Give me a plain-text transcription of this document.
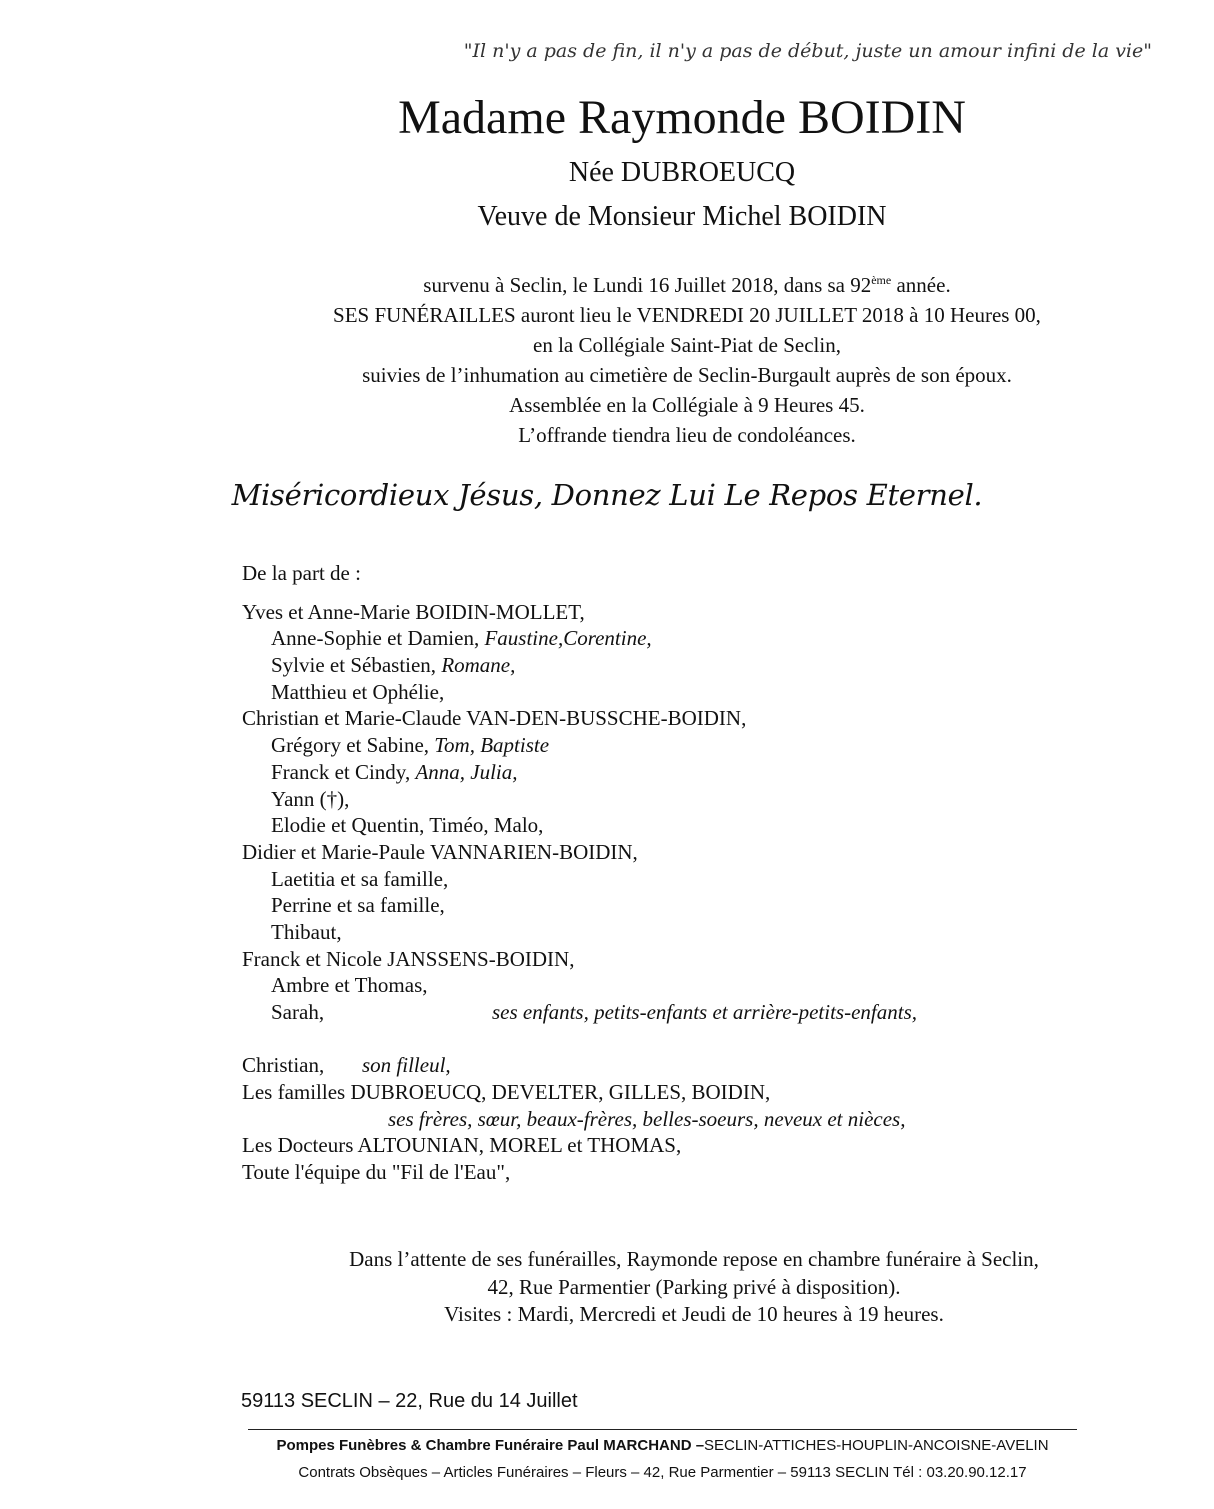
"Il n'y a pas de fin, il n'y a pas de début, juste un amour infini de la vie"

Madame Raymonde BOIDIN

Née DUBROEUCQ

Veuve de Monsieur Michel BOIDIN

survenu à Seclin, le Lundi 16 Juillet 2018, dans sa 92ème année.
SES FUNÉRAILLES auront lieu le VENDREDI 20 JUILLET 2018 à 10 Heures 00,
en la Collégiale Saint-Piat de Seclin,
suivies de l’inhumation au cimetière de Seclin-Burgault auprès de son époux.
Assemblée en la Collégiale à 9 Heures 45.
L’offrande tiendra lieu de condoléances.

Miséricordieux Jésus, Donnez Lui Le Repos Eternel.

De la part de :
Yves et Anne-Marie BOIDIN-MOLLET,
Anne-Sophie et Damien, Faustine,Corentine,
Sylvie et Sébastien, Romane,
Matthieu et Ophélie,
Christian et Marie-Claude VAN-DEN-BUSSCHE-BOIDIN,
Grégory et Sabine, Tom, Baptiste
Franck et Cindy, Anna, Julia,
Yann (†),
Elodie et Quentin, Timéo, Malo,
Didier et Marie-Paule VANNARIEN-BOIDIN,
Laetitia et sa famille,
Perrine et sa famille,
Thibaut,
Franck et Nicole JANSSENS-BOIDIN,
Ambre et Thomas,
Sarah,	ses enfants, petits-enfants et arrière-petits-enfants,
Christian, son filleul,
Les familles DUBROEUCQ, DEVELTER, GILLES, BOIDIN,
ses frères, sœur, beaux-frères, belles-soeurs, neveux et nièces,
Les Docteurs ALTOUNIAN, MOREL et THOMAS,
Toute l'équipe du "Fil de l'Eau",
Dans l’attente de ses funérailles, Raymonde repose en chambre funéraire à Seclin,
42, Rue Parmentier (Parking privé à disposition).
Visites : Mardi, Mercredi et Jeudi de 10 heures à 19 heures.

59113 SECLIN – 22, Rue du 14 Juillet

Pompes Funèbres & Chambre Funéraire Paul MARCHAND –SECLIN-ATTICHES-HOUPLIN-ANCOISNE-AVELIN

Contrats Obsèques – Articles Funéraires – Fleurs – 42, Rue Parmentier – 59113 SECLIN Tél : 03.20.90.12.17
